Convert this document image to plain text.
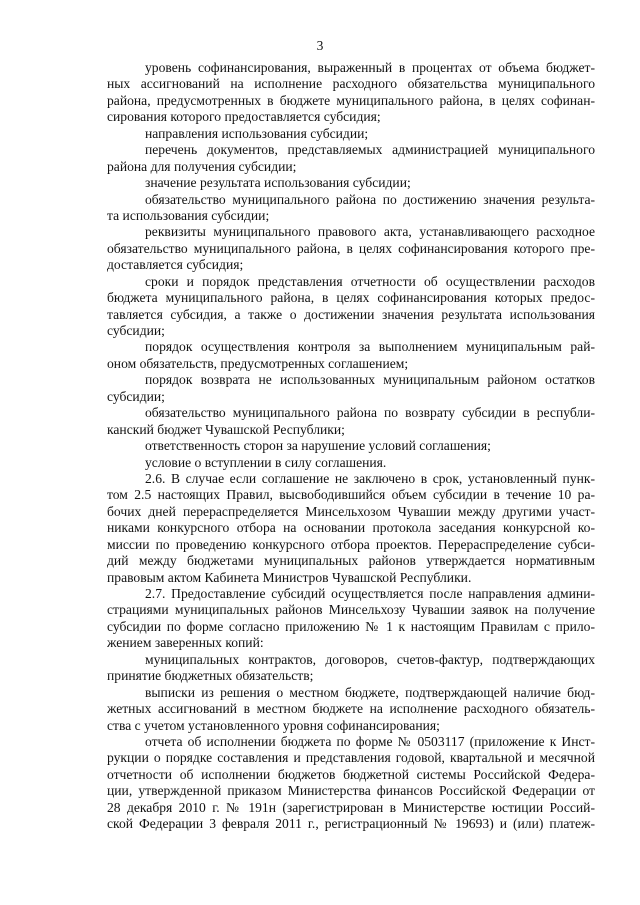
3
уровень софинансирования, выраженный в процентах от объема бюджет-
ных ассигнований на исполнение расходного обязательства муниципального
района, предусмотренных в бюджете муниципального района, в целях софинан-
сирования которого предоставляется субсидия;
направления использования субсидии;
перечень документов, представляемых администрацией муниципального
района для получения субсидии;
значение результата использования субсидии;
обязательство муниципального района по достижению значения результа-
та использования субсидии;
реквизиты муниципального правового акта, устанавливающего расходное
обязательство муниципального района, в целях софинансирования которого пре-
доставляется субсидия;
сроки и порядок представления отчетности об осуществлении расходов
бюджета муниципального района, в целях софинансирования которых предос-
тавляется субсидия, а также о достижении значения результата использования
субсидии;
порядок осуществления контроля за выполнением муниципальным рай-
оном обязательств, предусмотренных соглашением;
порядок возврата не использованных муниципальным районом остатков
субсидии;
обязательство муниципального района по возврату субсидии в республи-
канский бюджет Чувашской Республики;
ответственность сторон за нарушение условий соглашения;
условие о вступлении в силу соглашения.
2.6. В случае если соглашение не заключено в срок, установленный пунк-
том 2.5 настоящих Правил, высвободившийся объем субсидии в течение 10 ра-
бочих дней перераспределяется Минсельхозом Чувашии между другими участ-
никами конкурсного отбора на основании протокола заседания конкурсной ко-
миссии по проведению конкурсного отбора проектов. Перераспределение субси-
дий между бюджетами муниципальных районов утверждается нормативным
правовым актом Кабинета Министров Чувашской Республики.
2.7. Предоставление субсидий осуществляется после направления админи-
страциями муниципальных районов Минсельхозу Чувашии заявок на получение
субсидии по форме согласно приложению № 1 к настоящим Правилам с прило-
жением заверенных копий:
муниципальных контрактов, договоров, счетов-фактур, подтверждающих
принятие бюджетных обязательств;
выписки из решения о местном бюджете, подтверждающей наличие бюд-
жетных ассигнований в местном бюджете на исполнение расходного обязатель-
ства с учетом установленного уровня софинансирования;
отчета об исполнении бюджета по форме № 0503117 (приложение к Инст-
рукции о порядке составления и представления годовой, квартальной и месячной
отчетности об исполнении бюджетов бюджетной системы Российской Федера-
ции, утвержденной приказом Министерства финансов Российской Федерации от
28 декабря 2010 г. № 191н (зарегистрирован в Министерстве юстиции Россий-
ской Федерации 3 февраля 2011 г., регистрационный № 19693) и (или) платеж-
